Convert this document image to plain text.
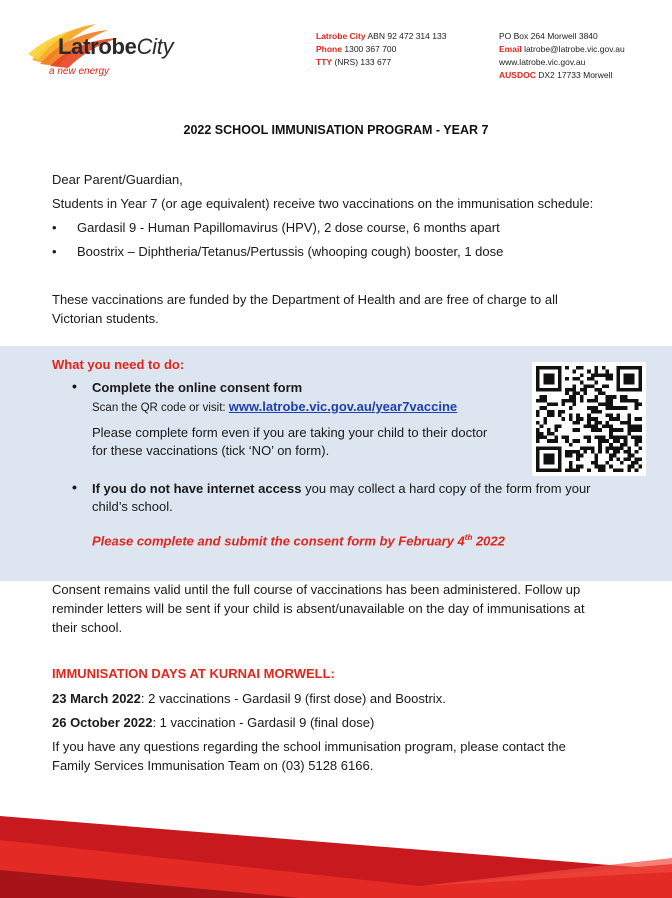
LatrobeCity
a new energy
Latrobe City ABN 92 472 314 133
Phone 1300 367 700
TTY (NRS) 133 677
PO Box 264 Morwell 3840
Email latrobe@latrobe.vic.gov.au
www.latrobe.vic.gov.au
AUSDOC DX2 17733 Morwell
2022 SCHOOL IMMUNISATION PROGRAM - YEAR 7
Dear Parent/Guardian,
Students in Year 7 (or age equivalent) receive two vaccinations on the immunisation schedule:
• Gardasil 9 - Human Papillomavirus (HPV), 2 dose course, 6 months apart
• Boostrix – Diphtheria/Tetanus/Pertussis (whooping cough) booster, 1 dose
These vaccinations are funded by the Department of Health and are free of charge to all
Victorian students.
What you need to do:
• Complete the online consent form
Scan the QR code or visit: www.latrobe.vic.gov.au/year7vaccine
Please complete form even if you are taking your child to their doctor
for these vaccinations (tick ‘NO’ on form).
• If you do not have internet access you may collect a hard copy of the form from your
child’s school.
Please complete and submit the consent form by February 4th 2022
Consent remains valid until the full course of vaccinations has been administered. Follow up
reminder letters will be sent if your child is absent/unavailable on the day of immunisations at
their school.
IMMUNISATION DAYS AT KURNAI MORWELL:
23 March 2022: 2 vaccinations - Gardasil 9 (first dose) and Boostrix.
26 October 2022: 1 vaccination - Gardasil 9 (final dose)
If you have any questions regarding the school immunisation program, please contact the
Family Services Immunisation Team on (03) 5128 6166.
